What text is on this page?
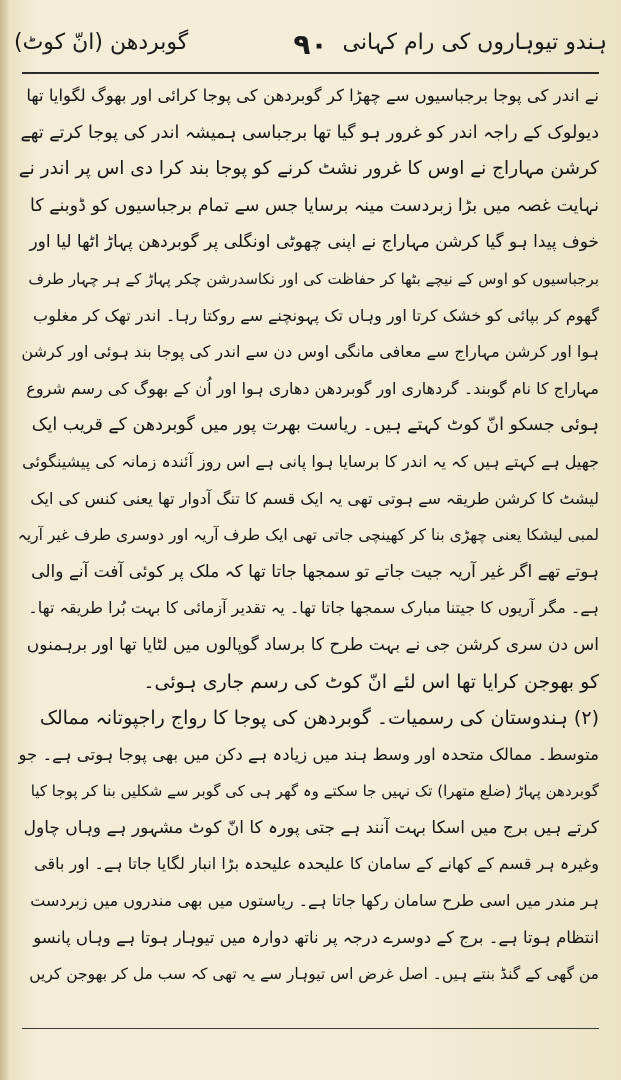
ہندو تیوہاروں کی رام کہانی
۹۰
گوبردھن (انّ کوٹ)
نے اندر کی پوجا برجباسیوں سے چھڑا کر گوبردھن کی پوجا کرائی اور بھوگ لگوایا تھا
دیولوک کے راجہ اندر کو غرور ہو گیا تھا برجباسی ہمیشہ اندر کی پوجا کرتے تھے
کرشن مہاراج نے اوس کا غرور نشٹ کرنے کو پوجا بند کرا دی اس پر اندر نے
نہایت غصہ میں بڑا زبردست مینہ برسایا جس سے تمام برجباسیوں کو ڈوبنے کا
خوف پیدا ہو گیا کرشن مہاراج نے اپنی چھوٹی اونگلی پر گوبردھن پہاڑ اٹھا لیا اور
برجباسیوں کو اوس کے نیچے بٹھا کر حفاظت کی اور نکاسدرشن چکر پہاڑ کے ہر چہار طرف
گھوم کر بپائی کو خشک کرتا اور وہاں تک پہونچنے سے روکتا رہا۔ اندر تھک کر مغلوب
ہوا اور کرشن مہاراج سے معافی مانگی اوس دن سے اندر کی پوجا بند ہوئی اور کرشن
مہاراج کا نام گوبند۔ گردھاری اور گوبردھن دھاری ہوا اور اُن کے بھوگ کی رسم شروع
ہوئی جسکو انّ کوٹ کہتے ہیں۔ ریاست بھرت پور میں گوبردھن کے قریب ایک
جھیل ہے کہتے ہیں کہ یہ اندر کا برسایا ہوا پانی ہے اس روز آئندہ زمانہ کی پیشینگوئی
لیشٹ کا کرشن طریقہ سے ہوتی تھی یہ ایک قسم کا تنگ آدوار تھا یعنی کنس کی ایک
لمبی لیشکا یعنی چھڑی بنا کر کھینچی جاتی تھی ایک طرف آریہ اور دوسری طرف غیر آریہ
ہوتے تھے اگر غیر آریہ جیت جاتے تو سمجھا جاتا تھا کہ ملک پر کوئی آفت آنے والی
ہے۔ مگر آریوں کا جیتنا مبارک سمجھا جاتا تھا۔ یہ تقدیر آزمائی کا بہت بُرا طریقہ تھا۔
اس دن سری کرشن جی نے بہت طرح کا برساد گوپالوں میں لٹایا تھا اور برہمنوں
کو بھوجن کرایا تھا اس لئے انّ کوٹ کی رسم جاری ہوئی۔
(۲) ہندوستان کی رسمیات۔ گوبردھن کی پوجا کا رواج راجپوتانہ ممالک
متوسط۔ ممالک متحدہ اور وسط ہند میں زیادہ ہے دکن میں بھی پوجا ہوتی ہے۔ جو
گوبردھن پہاڑ (ضلع متھرا) تک نہیں جا سکتے وہ گھر ہی کی گوبر سے شکلیں بنا کر پوجا کیا
کرتے ہیں برج میں اسکا بہت آنند ہے جتی پورہ کا انّ کوٹ مشہور ہے وہاں چاول
وغیرہ ہر قسم کے کھانے کے سامان کا علیحدہ علیحدہ بڑا انبار لگایا جاتا ہے۔ اور باقی
ہر مندر میں اسی طرح سامان رکھا جاتا ہے۔ ریاستوں میں بھی مندروں میں زبردست
انتظام ہوتا ہے۔ برج کے دوسرے درجہ پر ناتھ دوارہ میں تیوہار ہوتا ہے وہاں پانسو
من گھی کے گنڈ بنتے ہیں۔ اصل غرض اس تیوہار سے یہ تھی کہ سب مل کر بھوجن کریں
